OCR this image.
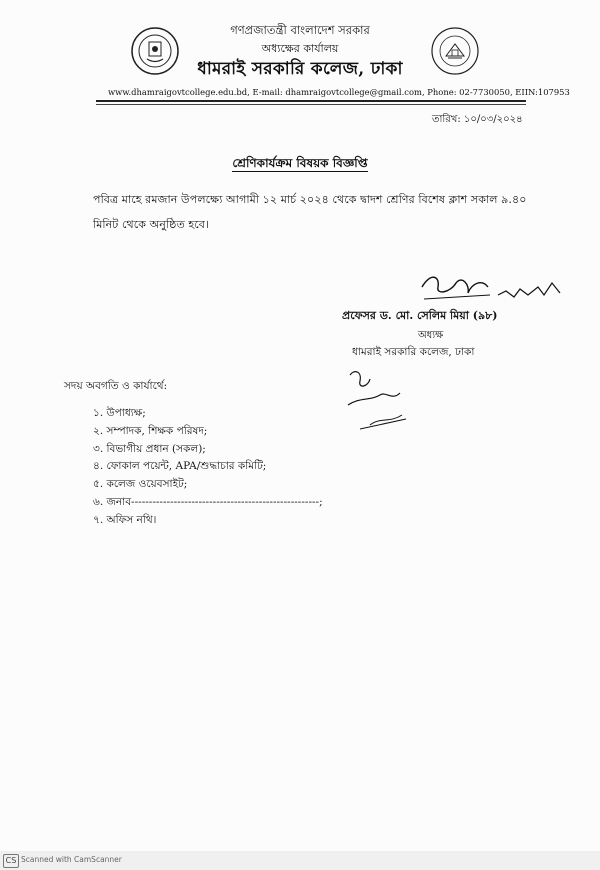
গণপ্রজাতন্ত্রী বাংলাদেশ সরকার
অধ্যক্ষের কার্যালয়
ধামরাই সরকারি কলেজ, ঢাকা
www.dhamraigovtcollege.edu.bd, E-mail: dhamraigovtcollege@gmail.com, Phone: 02-7730050, EIIN:107953
তারিখ: ১০/০৩/২০২৪
শ্রেণিকার্যক্রম বিষয়ক বিজ্ঞপ্তি
পবিত্র মাহে রমজান উপলক্ষ্যে আগামী ১২ মার্চ ২০২৪ থেকে দ্বাদশ শ্রেণির বিশেষ ক্লাশ সকাল ৯.৪০ মিনিট থেকে অনুষ্ঠিত হবে।
প্রফেসর ড. মো. সেলিম মিয়া (৯৮)
অধ্যক্ষ
ধামরাই সরকারি কলেজ, ঢাকা
সদয় অবগতি ও কার্যার্থে:
১. উপাধ্যক্ষ;
২. সম্পাদক, শিক্ষক পরিষদ;
৩. বিভাগীয় প্রধান (সকল);
৪. ফোকাল পয়েন্ট, APA/শুদ্ধাচার কমিটি;
৫. কলেজ ওয়েবসাইট;
৬. জনাব-----------------------------------------------------;
৭. অফিস নথি।
CS Scanned with CamScanner
